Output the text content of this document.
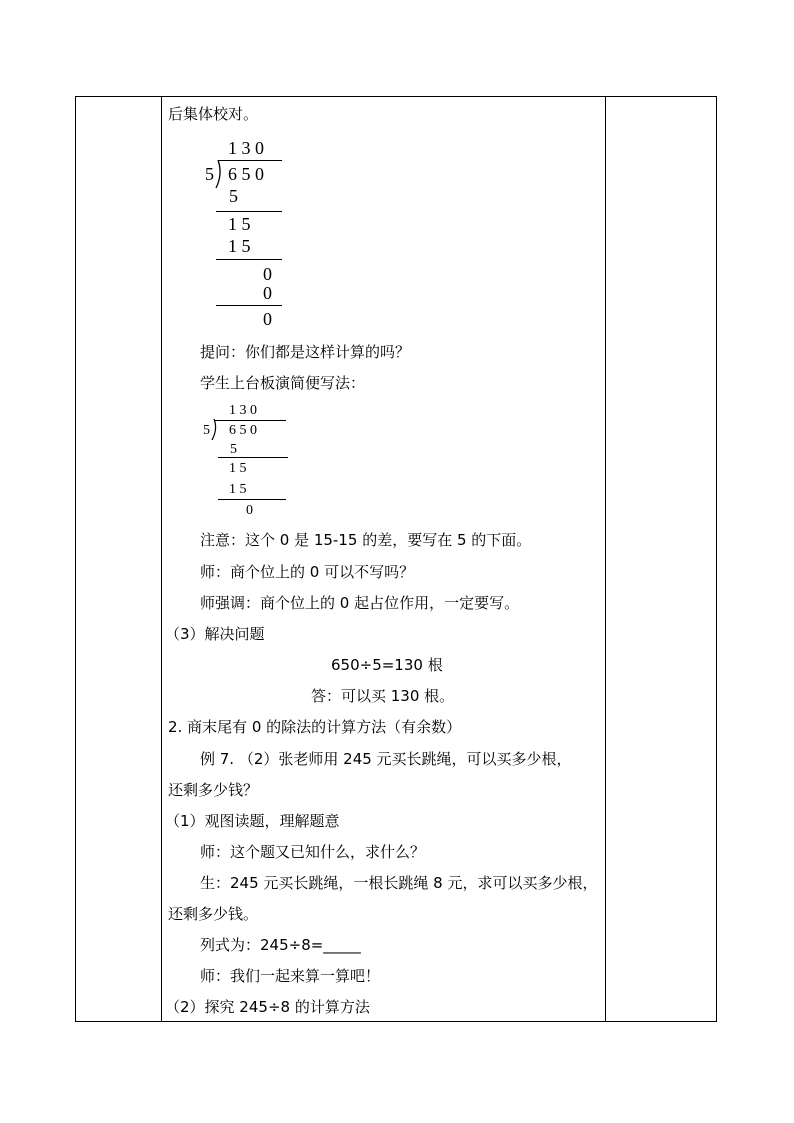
后集体校对。
1 3 0
5 6 5 0
5
1 5
1 5
0
0
0
提问：你们都是这样计算的吗？
学生上台板演简便写法：
1 3 0
5 6 5 0
5
1 5
1 5
0
注意：这个 0 是 15-15 的差，要写在 5 的下面。
师：商个位上的 0 可以不写吗？
师强调：商个位上的 0 起占位作用，一定要写。
（3）解决问题
650÷5=130 根
答：可以买 130 根。
2. 商末尾有 0 的除法的计算方法（有余数）
例 7. （2）张老师用 245 元买长跳绳，可以买多少根，
还剩多少钱？
（1）观图读题，理解题意
师：这个题又已知什么，求什么？
生：245 元买长跳绳，一根长跳绳 8 元，求可以买多少根，
还剩多少钱。
列式为：245÷8=_____
师：我们一起来算一算吧！
（2）探究 245÷8 的计算方法
